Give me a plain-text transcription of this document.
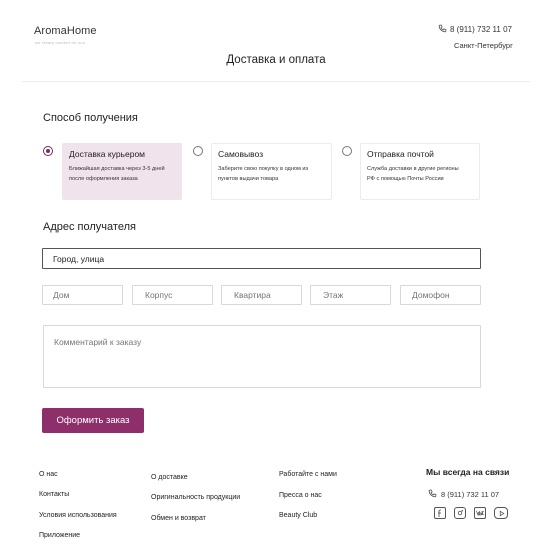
AromaHome
we create comfort for you
8 (911) 732 11 07
Санкт-Петербург
Доставка и оплата
Способ получения
Доставка курьером
Ближайшая доставка через 3-5 дней после оформления заказа
Самовывоз
Заберите свою покупку в одном из пунктов выдачи товара
Отправка почтой
Служба доставки в другие регионы РФ с помощью Почты России
Адрес получателя
Город, улица
Дом
Корпус
Квартира
Этаж
Домофон
Комментарий к заказу
Оформить заказ
О нас
Контакты
Условия использования
Приложение
О доставке
Оригинальность продукции
Обмен и возврат
Работайте с нами
Пресса о нас
Beauty Club
Мы всегда на связи
8 (911) 732 11 07
